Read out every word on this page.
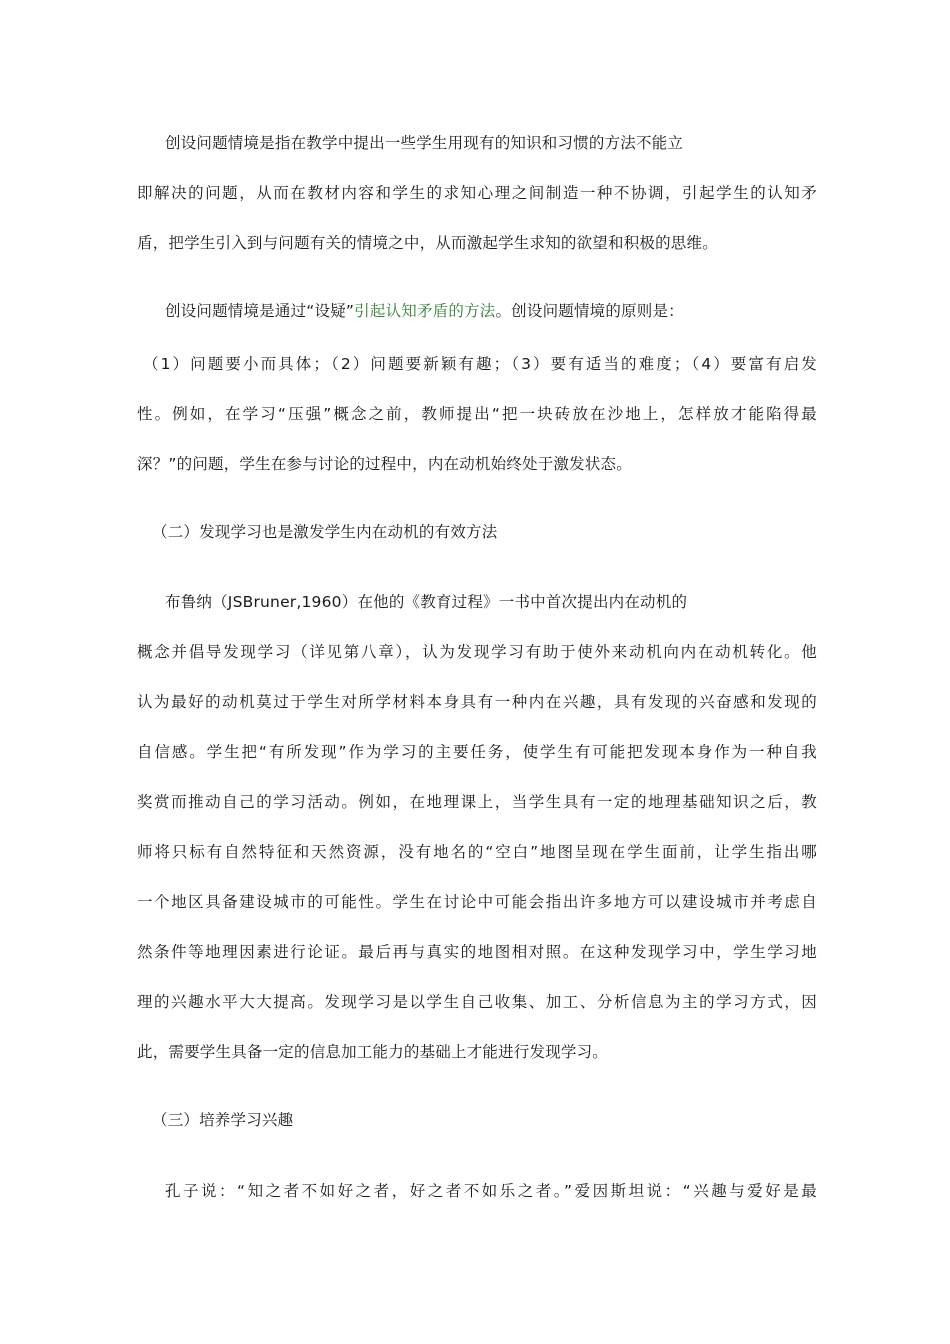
创设问题情境是指在教学中提出一些学生用现有的知识和习惯的方法不能立
即解决的问题，从而在教材内容和学生的求知心理之间制造一种不协调，引起学生的认知矛
盾，把学生引入到与问题有关的情境之中，从而激起学生求知的欲望和积极的思维。
创设问题情境是通过“设疑”引起认知矛盾的方法。创设问题情境的原则是：
（1）问题要小而具体；（2）问题要新颖有趣；（3）要有适当的难度；（4）要富有启发
性。例如，在学习“压强”概念之前，教师提出“把一块砖放在沙地上，怎样放才能陷得最
深？”的问题，学生在参与讨论的过程中，内在动机始终处于激发状态。
（二）发现学习也是激发学生内在动机的有效方法
布鲁纳（JSBruner,1960）在他的《教育过程》一书中首次提出内在动机的
概念并倡导发现学习（详见第八章），认为发现学习有助于使外来动机向内在动机转化。他
认为最好的动机莫过于学生对所学材料本身具有一种内在兴趣，具有发现的兴奋感和发现的
自信感。学生把“有所发现”作为学习的主要任务，使学生有可能把发现本身作为一种自我
奖赏而推动自己的学习活动。例如，在地理课上，当学生具有一定的地理基础知识之后，教
师将只标有自然特征和天然资源，没有地名的“空白”地图呈现在学生面前，让学生指出哪
一个地区具备建设城市的可能性。学生在讨论中可能会指出许多地方可以建设城市并考虑自
然条件等地理因素进行论证。最后再与真实的地图相对照。在这种发现学习中，学生学习地
理的兴趣水平大大提高。发现学习是以学生自己收集、加工、分析信息为主的学习方式，因
此，需要学生具备一定的信息加工能力的基础上才能进行发现学习。
（三）培养学习兴趣
孔子说：“知之者不如好之者，好之者不如乐之者。”爱因斯坦说：“兴趣与爱好是最
